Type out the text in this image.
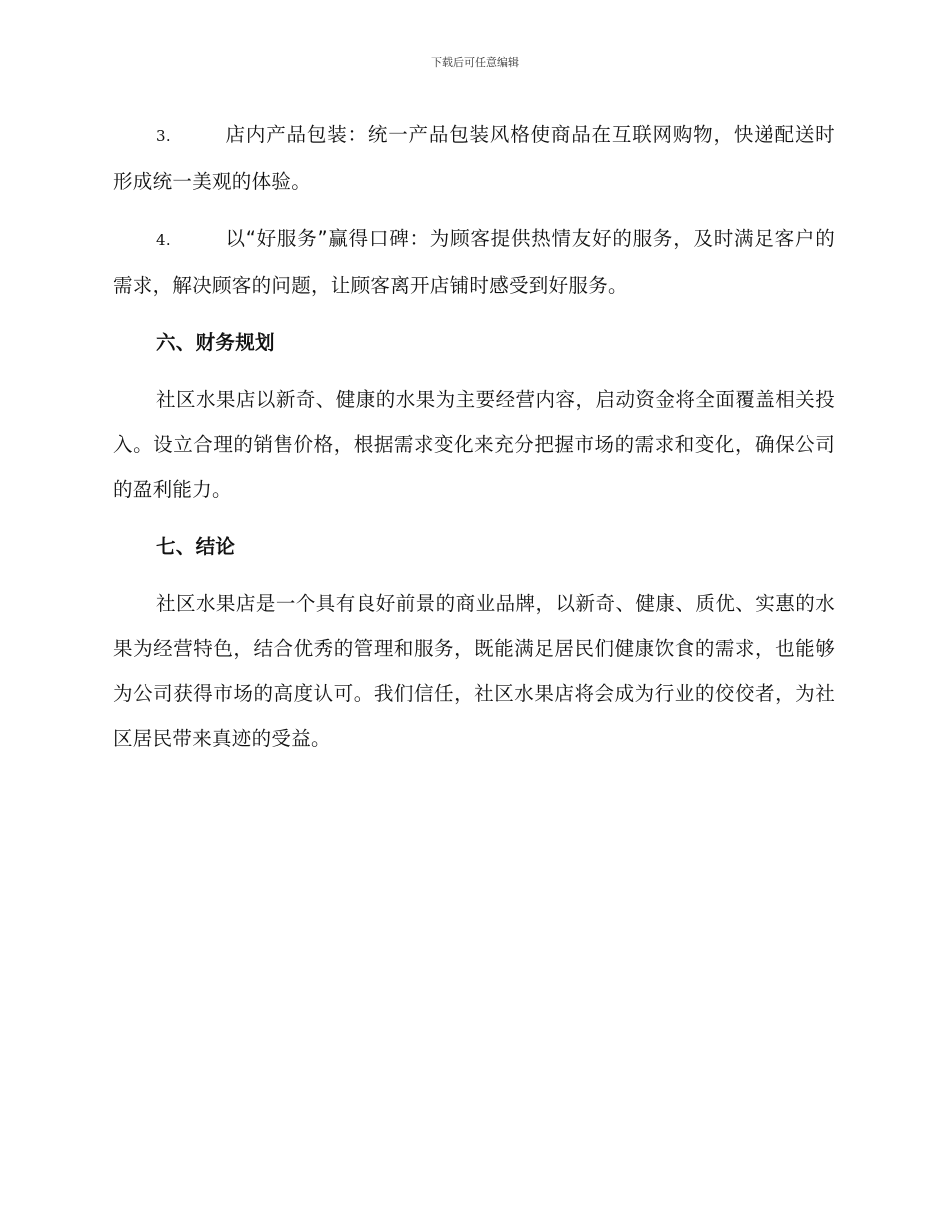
下载后可任意编辑

3.	店内产品包装：统一产品包装风格使商品在互联网购物，快递配送时形成统一美观的体验。

4.	以“好服务”赢得口碑：为顾客提供热情友好的服务，及时满足客户的需求，解决顾客的问题，让顾客离开店铺时感受到好服务。

六、财务规划

社区水果店以新奇、健康的水果为主要经营内容，启动资金将全面覆盖相关投入。设立合理的销售价格，根据需求变化来充分把握市场的需求和变化，确保公司的盈利能力。

七、结论

社区水果店是一个具有良好前景的商业品牌，以新奇、健康、质优、实惠的水果为经营特色，结合优秀的管理和服务，既能满足居民们健康饮食的需求，也能够为公司获得市场的高度认可。我们信任，社区水果店将会成为行业的佼佼者，为社区居民带来真迹的受益。
